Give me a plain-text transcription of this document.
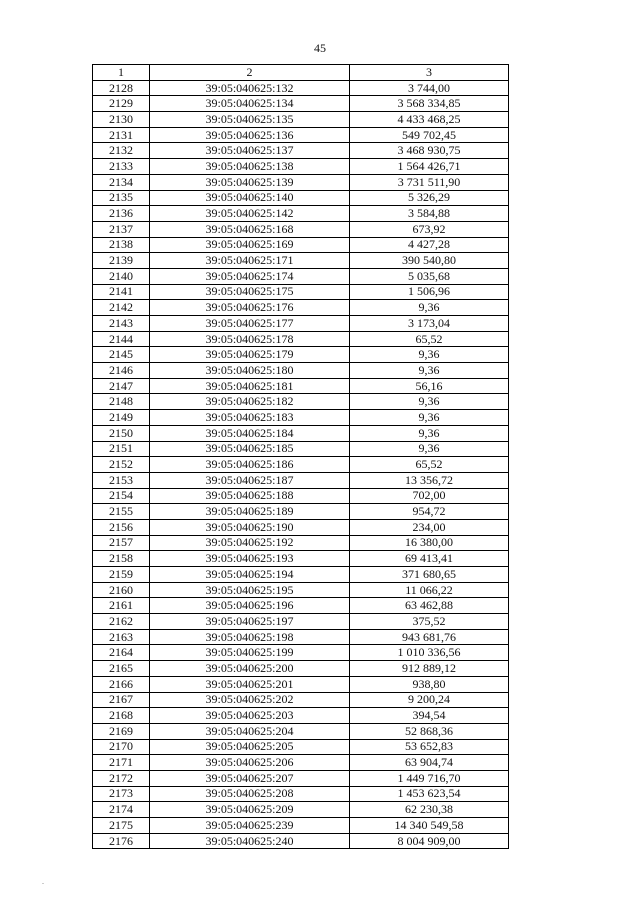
45
1	2	3
2128	39:05:040625:132	3 744,00
2129	39:05:040625:134	3 568 334,85
2130	39:05:040625:135	4 433 468,25
2131	39:05:040625:136	549 702,45
2132	39:05:040625:137	3 468 930,75
2133	39:05:040625:138	1 564 426,71
2134	39:05:040625:139	3 731 511,90
2135	39:05:040625:140	5 326,29
2136	39:05:040625:142	3 584,88
2137	39:05:040625:168	673,92
2138	39:05:040625:169	4 427,28
2139	39:05:040625:171	390 540,80
2140	39:05:040625:174	5 035,68
2141	39:05:040625:175	1 506,96
2142	39:05:040625:176	9,36
2143	39:05:040625:177	3 173,04
2144	39:05:040625:178	65,52
2145	39:05:040625:179	9,36
2146	39:05:040625:180	9,36
2147	39:05:040625:181	56,16
2148	39:05:040625:182	9,36
2149	39:05:040625:183	9,36
2150	39:05:040625:184	9,36
2151	39:05:040625:185	9,36
2152	39:05:040625:186	65,52
2153	39:05:040625:187	13 356,72
2154	39:05:040625:188	702,00
2155	39:05:040625:189	954,72
2156	39:05:040625:190	234,00
2157	39:05:040625:192	16 380,00
2158	39:05:040625:193	69 413,41
2159	39:05:040625:194	371 680,65
2160	39:05:040625:195	11 066,22
2161	39:05:040625:196	63 462,88
2162	39:05:040625:197	375,52
2163	39:05:040625:198	943 681,76
2164	39:05:040625:199	1 010 336,56
2165	39:05:040625:200	912 889,12
2166	39:05:040625:201	938,80
2167	39:05:040625:202	9 200,24
2168	39:05:040625:203	394,54
2169	39:05:040625:204	52 868,36
2170	39:05:040625:205	53 652,83
2171	39:05:040625:206	63 904,74
2172	39:05:040625:207	1 449 716,70
2173	39:05:040625:208	1 453 623,54
2174	39:05:040625:209	62 230,38
2175	39:05:040625:239	14 340 549,58
2176	39:05:040625:240	8 004 909,00
